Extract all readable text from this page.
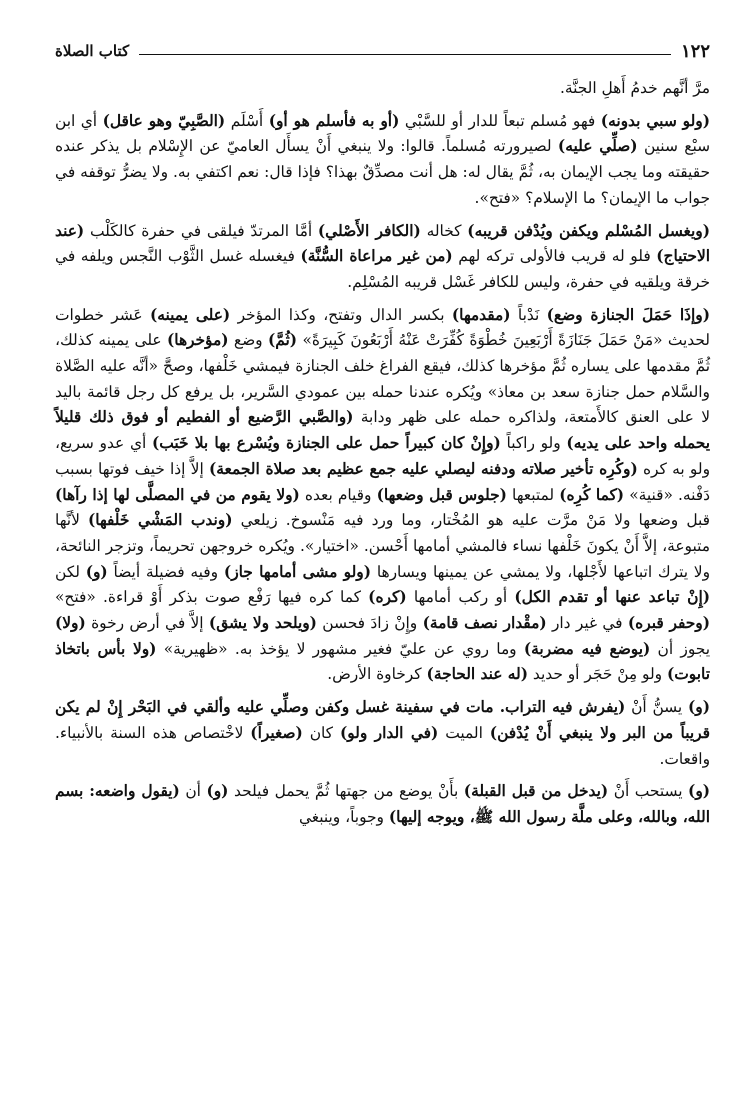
١٢٢
كتاب الصلاة

مرَّ أنَّهم خدمُ أَهلِ الجنَّة.

(ولو سبي بدونه) فهو مُسلم تبعاً للدار أو للسَّبْي (أو به فأسلم هو أو) أَسْلَم (الصَّبِيّ وهو عاقل) أي ابن سبْع سنين (صلِّي عليه) لصيرورته مُسلماً. قالوا: ولا ينبغي أَنْ يسأَل العاميّ عن الإِسْلام بل يذكر عنده حقيقته وما يجب الإيمان به، ثُمَّ يقال له: هل أنت مصدِّقٌ بهذا؟ فإذا قال: نعم اكتفي به. ولا يضرُّ توقفه في جواب ما الإيمان؟ ما الإسلام؟ «فتح».

(ويغسل المُسْلم ويكفن ويُدْفن قريبه) كخاله (الكافر الأَصْلي) أمَّا المرتدّ فيلقى في حفرة كالكَلْب (عند الاحتياج) فلو له قريب فالأولى تركه لهم (من غير مراعاة السُّنَّة) فيغسله غسل الثَّوْب النَّجس ويلفه في خرقة ويلقيه في حفرة، وليس للكافر غَسْل قريبه المُسْلِم.

(وإذَا حَمَلَ الجنازة وضع) نَدْباً (مقدمها) بكسر الدال وتفتح، وكذا المؤخر (على يمينه) عَشر خطوات لحديث «مَنْ حَمَلَ جَنَازَةً أَرْبَعِينَ خُطْوَةً كُفِّرَتْ عَنْهُ أَرْبَعُونَ كَبِيرَةً» (ثُمَّ) وضع (مؤخرها) على يمينه كذلك، ثُمَّ مقدمها على يساره ثُمَّ مؤخرها كذلك، فيقع الفراغ خلف الجنازة فيمشي خَلْفها، وصحَّ «أنَّه عليه الصَّلاة والسَّلام حمل جنازة سعد بن معاذ» ويُكره عندنا حمله بين عمودي السَّرير، بل يرفع كل رجل قائمة باليد لا على العنق كالأَمتعة، ولذاكره حمله على ظهر ودابة (والصَّبي الرَّضيع أو الفطيم أو فوق ذلك قليلاً يحمله واحد على يديه) ولو راكباً (وإِنْ كان كبيراً حمل على الجنازة ويُسْرع بها بلا خَبَب) أي عدو سريع، ولو به كره (وكُرِه تأخير صلاته ودفنه ليصلي عليه جمع عظيم بعد صلاة الجمعة) إلاَّ إذا خيف فوتها بسبب دَفْنه. «قنية» (كما كُرِه) لمتبعها (جلوس قبل وضعها) وقيام بعده (ولا يقوم من في المصلَّى لها إذا رآها) قبل وضعها ولا مَنْ مرَّت عليه هو المُخْتار، وما ورد فيه مَنْسوخ. زيلعي (وندب المَشْي خَلْفها) لأنَّها متبوعة، إلاَّ أَنْ يكونَ خَلْفها نساء فالمشي أمامها أَحْسن. «اختيار». ويُكره خروجهن تحريماً، وتزجر النائحة، ولا يترك اتباعها لأَجْلها، ولا يمشي عن يمينها ويسارها (ولو مشى أمامها جاز) وفيه فضيلة أيضاً (و) لكن (إِنْ تباعد عنها أو تقدم الكل) أو ركب أمامها (كره) كما كره فيها رَفْع صوت بذكر أَوْ قراءة. «فتح» (وحفر قبره) في غير دار (مقْدار نصف قامة) وإِنْ زادَ فحسن (ويلحد ولا يشق) إلاَّ في أرض رخوة (ولا) يجوز أن (يوضع فيه مضربة) وما روي عن عليّ فغير مشهور لا يؤخذ به. «ظهيرية» (ولا بأس باتخاذ تابوت) ولو مِنْ حَجَر أو حديد (له عند الحاجة) كرخاوة الأرض.

(و) يسنُّ أَنْ (يفرش فيه التراب. مات في سفينة غسل وكفن وصلِّي عليه وألقي في البَحْر إِنْ لم يكن قريباً من البر ولا ينبغي أَنْ يُدْفن) الميت (في الدار ولو) كان (صغيراً) لاخْتصاص هذه السنة بالأنبياء. واقعات.

(و) يستحب أَنْ (يدخل من قبل القبلة) بأَنْ يوضع من جهتها ثُمَّ يحمل فيلحد (و) أن (يقول واضعه: بسم الله، وبالله، وعلى ملَّة رسول الله ﷺ، ويوجه إليها) وجوباً، وينبغي
